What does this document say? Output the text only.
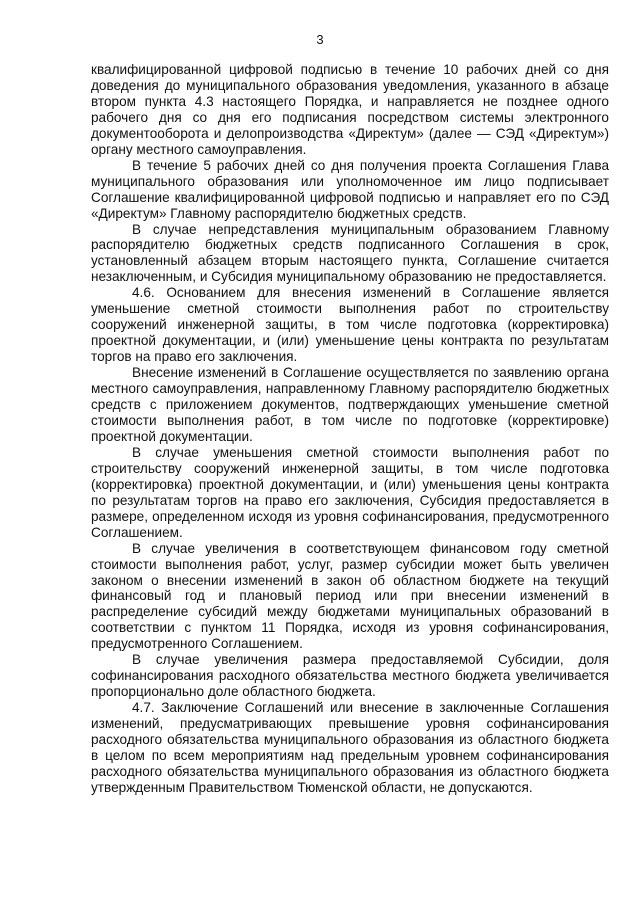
3

квалифицированной цифровой подписью в течение 10 рабочих дней со дня доведения до муниципального образования уведомления, указанного в абзаце втором пункта 4.3 настоящего Порядка, и направляется не позднее одного рабочего дня со дня его подписания посредством системы электронного документооборота и делопроизводства «Директум» (далее — СЭД «Директум») органу местного самоуправления.

В течение 5 рабочих дней со дня получения проекта Соглашения Глава муниципального образования или уполномоченное им лицо подписывает Соглашение квалифицированной цифровой подписью и направляет его по СЭД «Директум» Главному распорядителю бюджетных средств.

В случае непредставления муниципальным образованием Главному распорядителю бюджетных средств подписанного Соглашения в срок, установленный абзацем вторым настоящего пункта, Соглашение считается незаключенным, и Субсидия муниципальному образованию не предоставляется.

4.6. Основанием для внесения изменений в Соглашение является уменьшение сметной стоимости выполнения работ по строительству сооружений инженерной защиты, в том числе подготовка (корректировка) проектной документации, и (или) уменьшение цены контракта по результатам торгов на право его заключения.

Внесение изменений в Соглашение осуществляется по заявлению органа местного самоуправления, направленному Главному распорядителю бюджетных средств с приложением документов, подтверждающих уменьшение сметной стоимости выполнения работ, в том числе по подготовке (корректировке) проектной документации.

В случае уменьшения сметной стоимости выполнения работ по строительству сооружений инженерной защиты, в том числе подготовка (корректировка) проектной документации, и (или) уменьшения цены контракта по результатам торгов на право его заключения, Субсидия предоставляется в размере, определенном исходя из уровня софинансирования, предусмотренного Соглашением.

В случае увеличения в соответствующем финансовом году сметной стоимости выполнения работ, услуг, размер субсидии может быть увеличен законом о внесении изменений в закон об областном бюджете на текущий финансовый год и плановый период или при внесении изменений в распределение субсидий между бюджетами муниципальных образований в соответствии с пунктом 11 Порядка, исходя из уровня софинансирования, предусмотренного Соглашением.

В случае увеличения размера предоставляемой Субсидии, доля софинансирования расходного обязательства местного бюджета увеличивается пропорционально доле областного бюджета.

4.7. Заключение Соглашений или внесение в заключенные Соглашения изменений, предусматривающих превышение уровня софинансирования расходного обязательства муниципального образования из областного бюджета в целом по всем мероприятиям над предельным уровнем софинансирования расходного обязательства муниципального образования из областного бюджета утвержденным Правительством Тюменской области, не допускаются.
